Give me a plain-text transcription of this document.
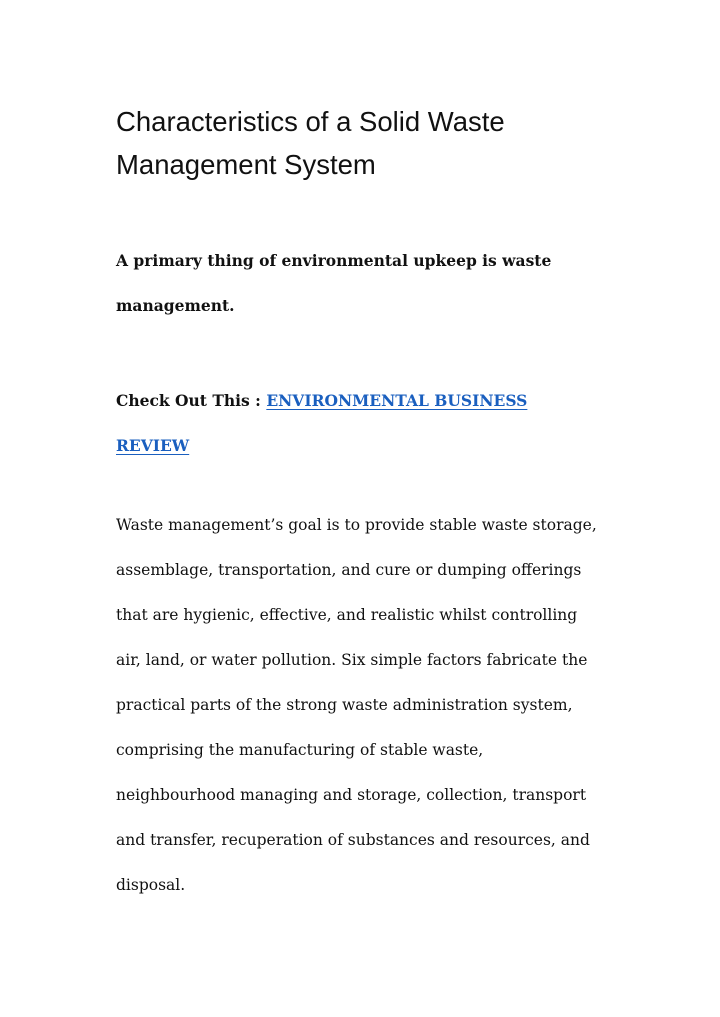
Characteristics of a Solid Waste
Management System

A primary thing of environmental upkeep is waste
management.

Check Out This : ENVIRONMENTAL BUSINESS
REVIEW

Waste management’s goal is to provide stable waste storage,
assemblage, transportation, and cure or dumping offerings
that are hygienic, effective, and realistic whilst controlling
air, land, or water pollution. Six simple factors fabricate the
practical parts of the strong waste administration system,
comprising the manufacturing of stable waste,
neighbourhood managing and storage, collection, transport
and transfer, recuperation of substances and resources, and
disposal.
